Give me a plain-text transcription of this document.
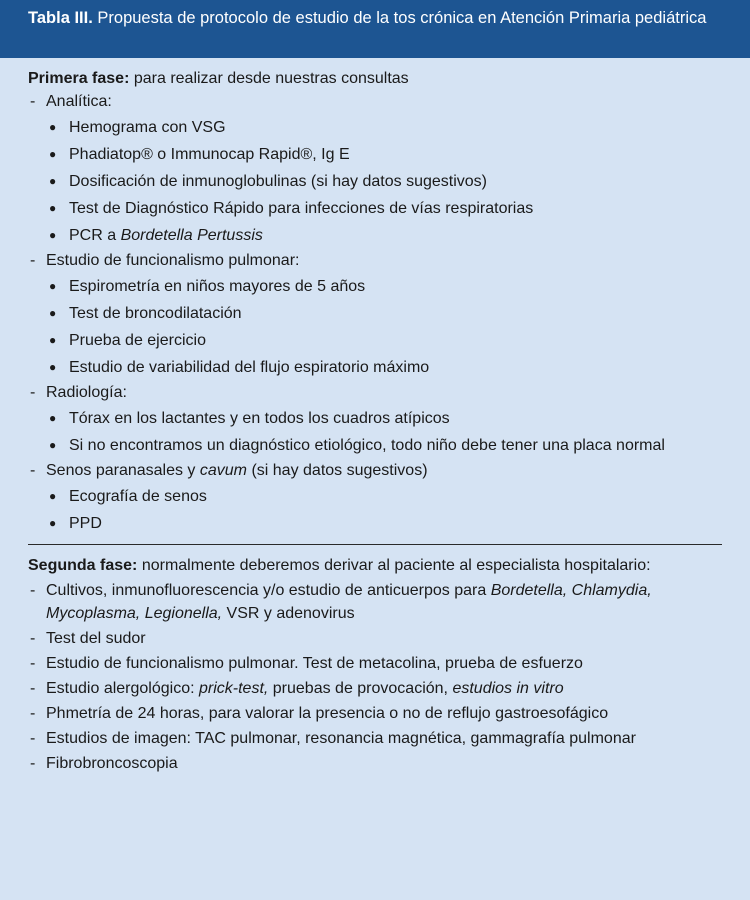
Tabla III. Propuesta de protocolo de estudio de la tos crónica en Atención Primaria pediátrica

Primera fase: para realizar desde nuestras consultas

- Analítica:
● Hemograma con VSG
● Phadiatop® o Immunocap Rapid®, Ig E
● Dosificación de inmunoglobulinas (si hay datos sugestivos)
● Test de Diagnóstico Rápido para infecciones de vías respiratorias
● PCR a Bordetella Pertussis
- Estudio de funcionalismo pulmonar:
● Espirometría en niños mayores de 5 años
● Test de broncodilatación
● Prueba de ejercicio
● Estudio de variabilidad del flujo espiratorio máximo
- Radiología:
● Tórax en los lactantes y en todos los cuadros atípicos
● Si no encontramos un diagnóstico etiológico, todo niño debe tener una placa normal
- Senos paranasales y cavum (si hay datos sugestivos)
● Ecografía de senos
● PPD

Segunda fase: normalmente deberemos derivar al paciente al especialista hospitalario:

- Cultivos, inmunofluorescencia y/o estudio de anticuerpos para Bordetella, Chlamydia, Mycoplasma, Legionella, VSR y adenovirus
- Test del sudor
- Estudio de funcionalismo pulmonar. Test de metacolina, prueba de esfuerzo
- Estudio alergológico: prick-test, pruebas de provocación, estudios in vitro
- Phmetría de 24 horas, para valorar la presencia o no de reflujo gastroesofágico
- Estudios de imagen: TAC pulmonar, resonancia magnética, gammagrafía pulmonar
- Fibrobroncoscopia
